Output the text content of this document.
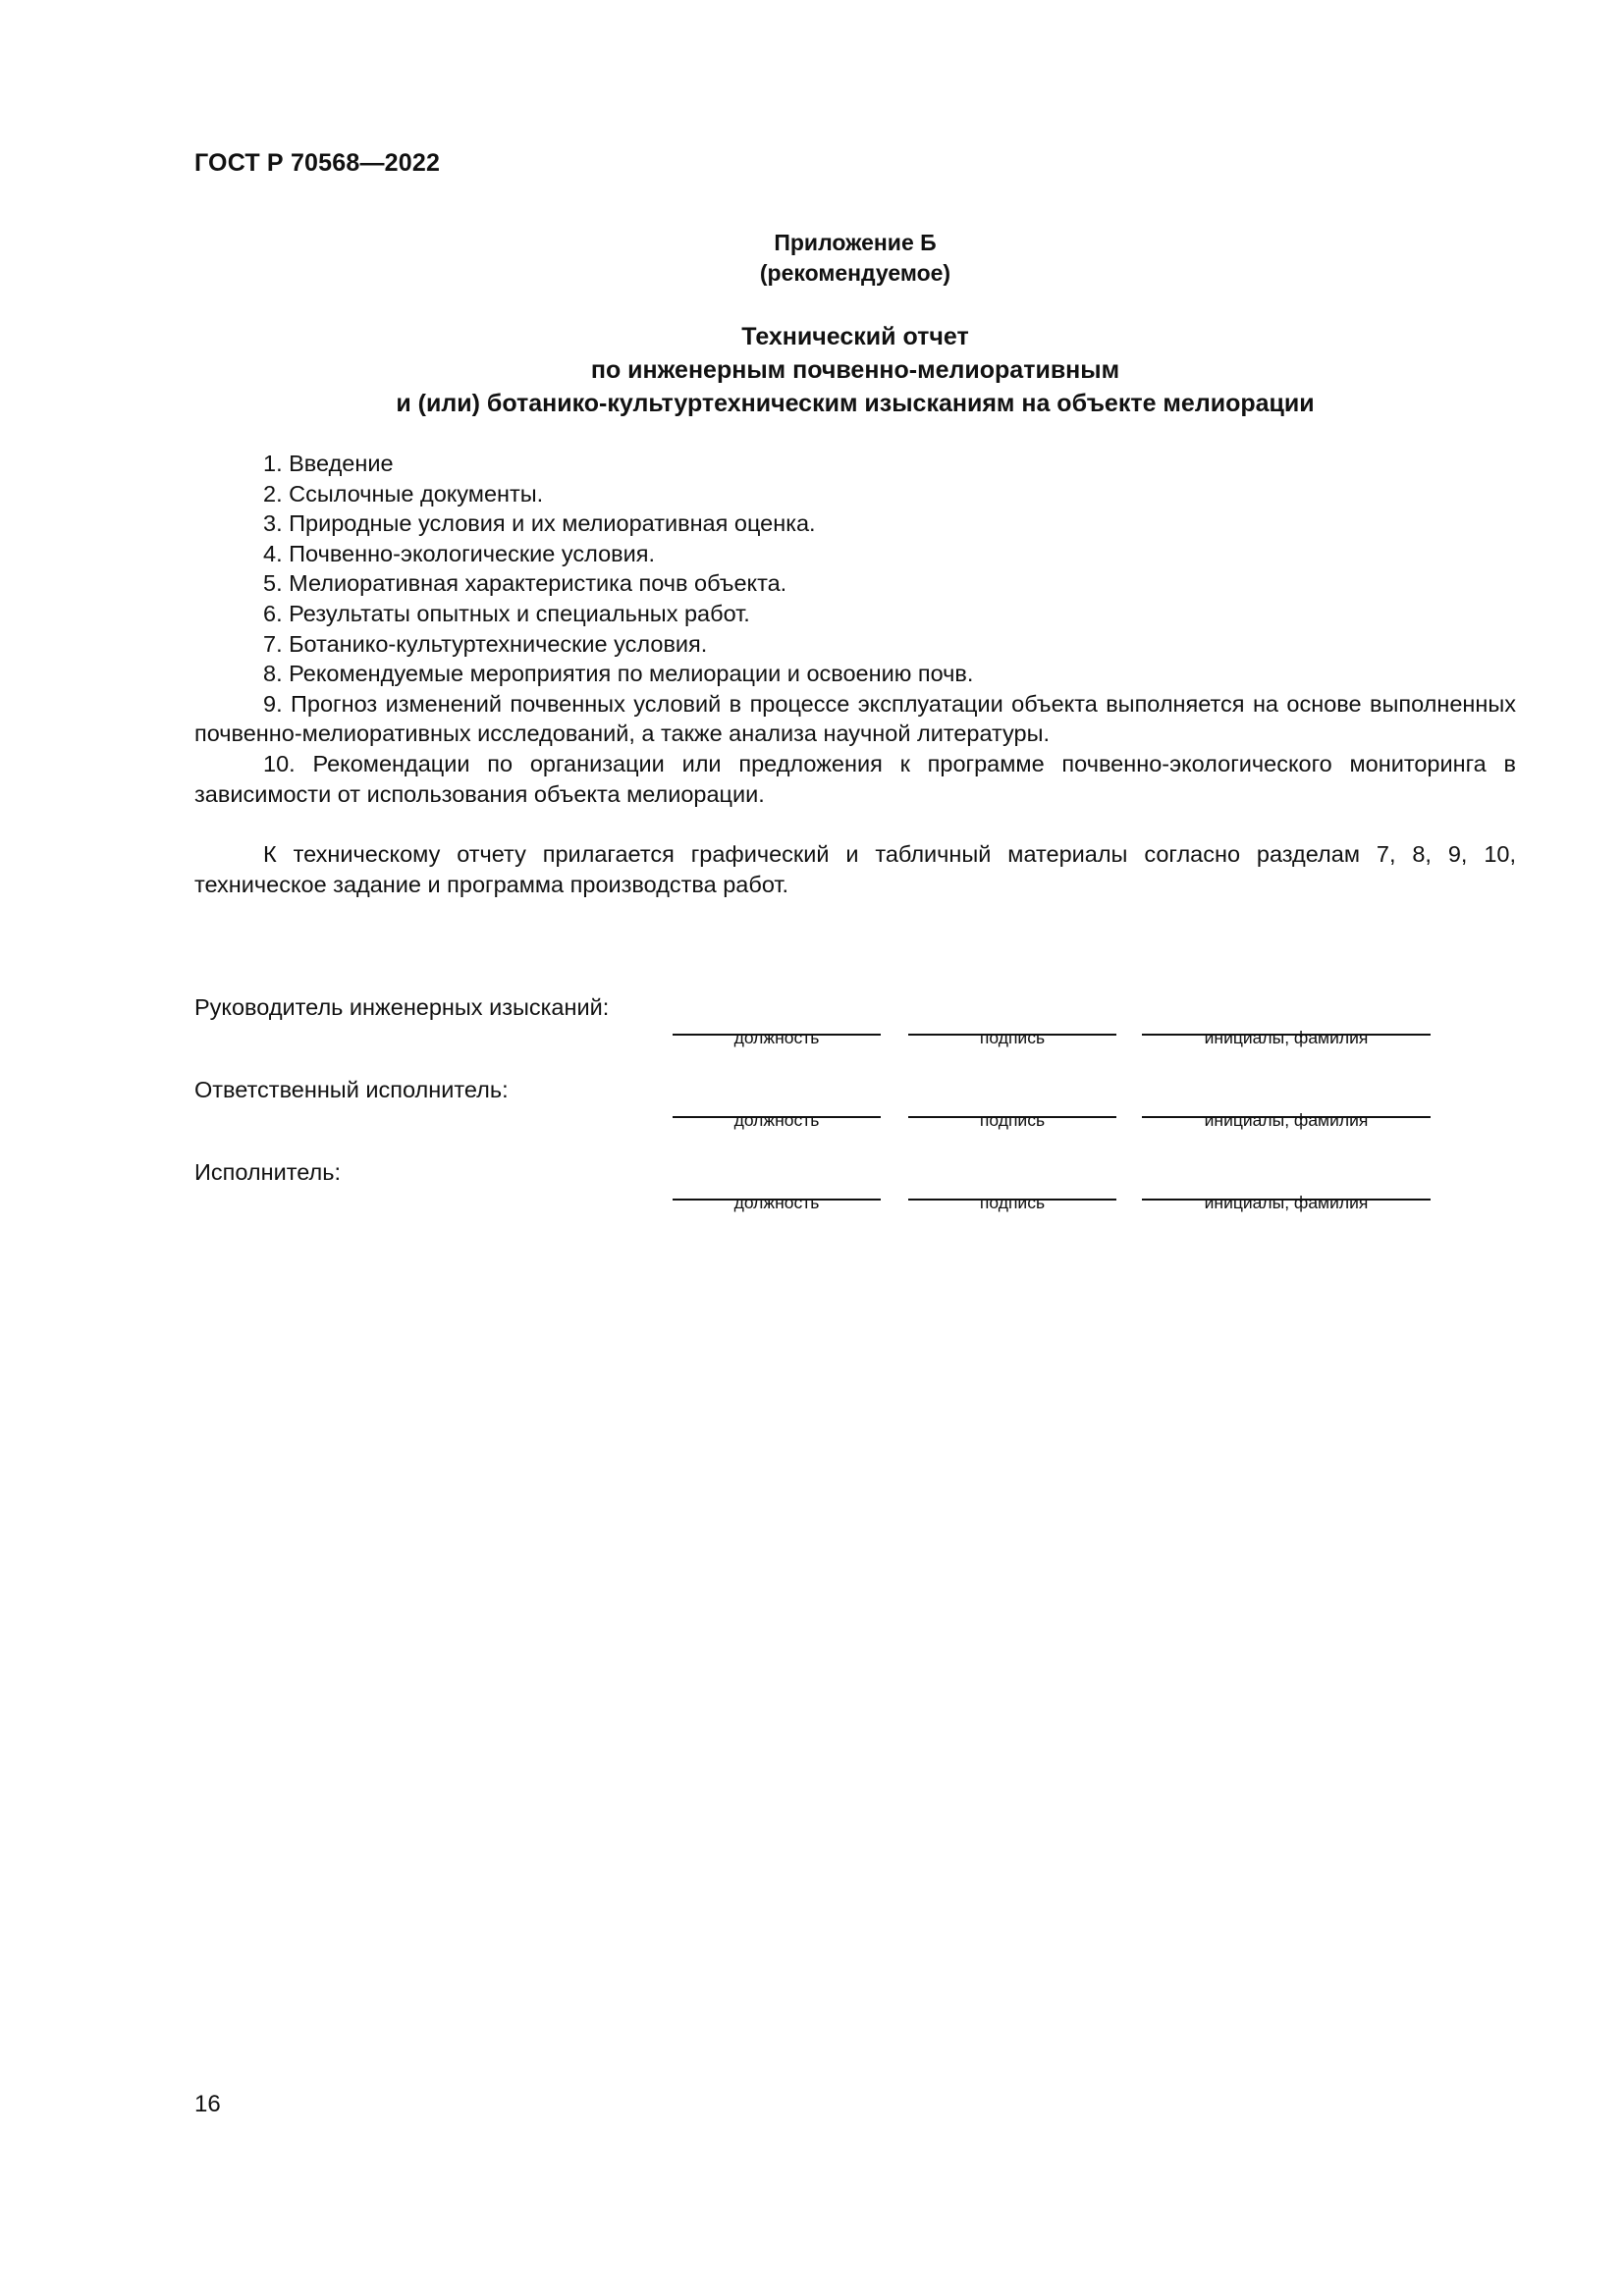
ГОСТ Р 70568—2022
Приложение Б
(рекомендуемое)
Технический отчет
по инженерным почвенно-мелиоративным
и (или) ботанико-культуртехническим изысканиям на объекте мелиорации

1. Введение

2. Ссылочные документы.

3. Природные условия и их мелиоративная оценка.

4. Почвенно-экологические условия.

5. Мелиоративная характеристика почв объекта.

6. Результаты опытных и специальных работ.

7. Ботанико-культуртехнические условия.

8. Рекомендуемые мероприятия по мелиорации и освоению почв.

9. Прогноз изменений почвенных условий в процессе эксплуатации объекта выполняется на основе выполненных почвенно-мелиоративных исследований, а также анализа научной литературы.

10. Рекомендации по организации или предложения к программе почвенно-экологического мониторинга в зависимости от использования объекта мелиорации.

К техническому отчету прилагается графический и табличный материалы согласно разделам 7, 8, 9, 10, техническое задание и программа производства работ.

Руководитель инженерных изысканий:
должность	подпись	инициалы, фамилия
Ответственный исполнитель:
должность	подпись	инициалы, фамилия
Исполнитель:
должность	подпись	инициалы, фамилия
16
